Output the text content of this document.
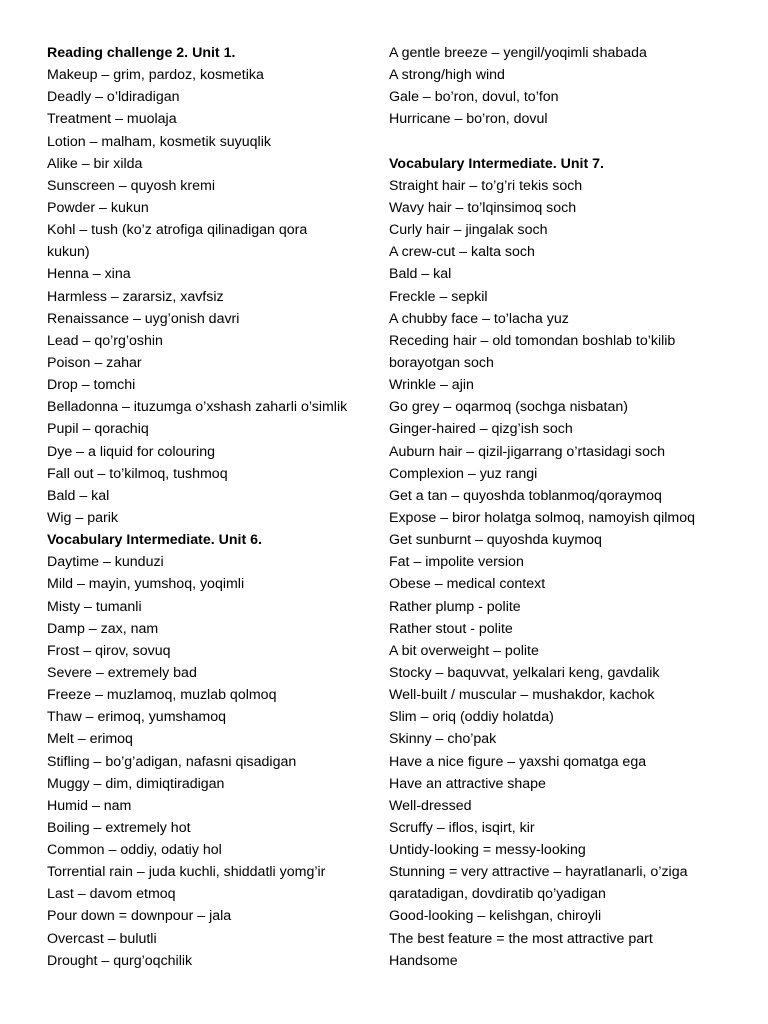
Reading challenge 2. Unit 1.
Makeup – grim, pardoz, kosmetika
Deadly – o’ldiradigan
Treatment – muolaja
Lotion – malham, kosmetik suyuqlik
Alike – bir xilda
Sunscreen – quyosh kremi
Powder – kukun
Kohl – tush (ko’z atrofiga qilinadigan qora
kukun)
Henna – xina
Harmless – zararsiz, xavfsiz
Renaissance – uyg’onish davri
Lead – qo’rg’oshin
Poison – zahar
Drop – tomchi
Belladonna – ituzumga o’xshash zaharli o’simlik
Pupil – qorachiq
Dye – a liquid for colouring
Fall out – to’kilmoq, tushmoq
Bald – kal
Wig – parik
Vocabulary Intermediate. Unit 6.
Daytime – kunduzi
Mild – mayin, yumshoq, yoqimli
Misty – tumanli
Damp – zax, nam
Frost – qirov, sovuq
Severe – extremely bad
Freeze – muzlamoq, muzlab qolmoq
Thaw – erimoq, yumshamoq
Melt – erimoq
Stifling – bo’g’adigan, nafasni qisadigan
Muggy – dim, dimiqtiradigan
Humid – nam
Boiling – extremely hot
Common – oddiy, odatiy hol
Torrential rain – juda kuchli, shiddatli yomg’ir
Last – davom etmoq
Pour down = downpour – jala
Overcast – bulutli
Drought – qurg’oqchilik
A gentle breeze – yengil/yoqimli shabada
A strong/high wind
Gale – bo’ron, dovul, to’fon
Hurricane – bo’ron, dovul
Vocabulary Intermediate. Unit 7.
Straight hair – to’g’ri tekis soch
Wavy hair – to’lqinsimoq soch
Curly hair – jingalak soch
A crew-cut – kalta soch
Bald – kal
Freckle – sepkil
A chubby face – to’lacha yuz
Receding hair – old tomondan boshlab to’kilib
borayotgan soch
Wrinkle – ajin
Go grey – oqarmoq (sochga nisbatan)
Ginger-haired – qizg’ish soch
Auburn hair – qizil-jigarrang o’rtasidagi soch
Complexion – yuz rangi
Get a tan – quyoshda toblanmoq/qoraymoq
Expose – biror holatga solmoq, namoyish qilmoq
Get sunburnt – quyoshda kuymoq
Fat – impolite version
Obese – medical context
Rather plump - polite
Rather stout - polite
A bit overweight – polite
Stocky – baquvvat, yelkalari keng, gavdalik
Well-built / muscular – mushakdor, kachok
Slim – oriq (oddiy holatda)
Skinny – cho’pak
Have a nice figure – yaxshi qomatga ega
Have an attractive shape
Well-dressed
Scruffy – iflos, isqirt, kir
Untidy-looking = messy-looking
Stunning = very attractive – hayratlanarli, o’ziga
qaratadigan, dovdiratib qo’yadigan
Good-looking – kelishgan, chiroyli
The best feature = the most attractive part
Handsome
